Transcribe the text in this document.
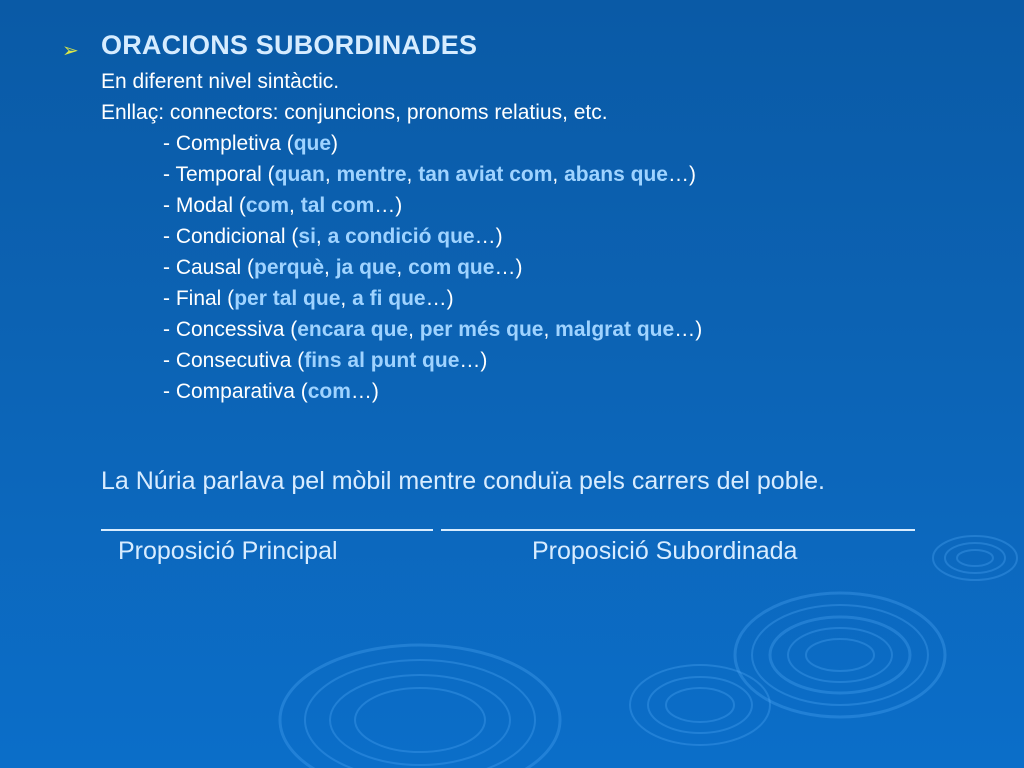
➢ ORACIONS SUBORDINADES
En diferent nivel sintàctic.
Enllaç: connectors: conjuncions, pronoms relatius, etc.
- Completiva (que)
- Temporal (quan, mentre, tan aviat com, abans que…)
- Modal (com, tal com…)
- Condicional (si, a condició que…)
- Causal (perquè, ja que, com que…)
- Final (per tal que, a fi que…)
- Concessiva (encara que, per més que, malgrat que…)
- Consecutiva (fins al punt que…)
- Comparativa (com…)
La Núria parlava pel mòbil mentre conduïa pels carrers del poble.
Proposició Principal	Proposició Subordinada
